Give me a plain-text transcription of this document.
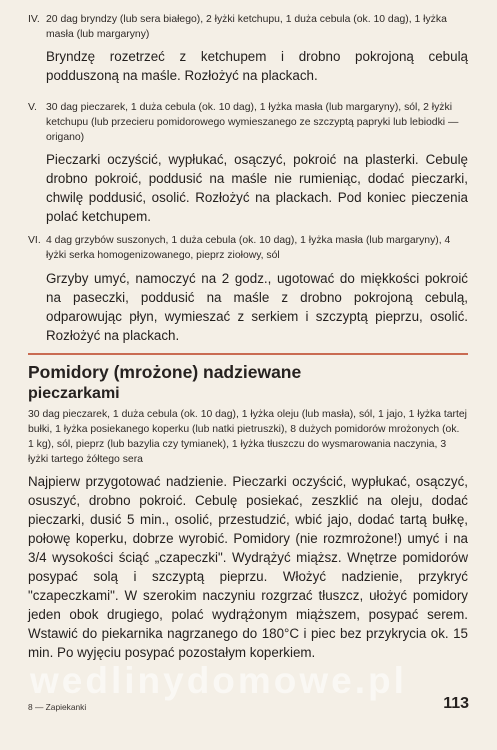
IV. 20 dag bryndzy (lub sera białego), 2 łyżki ketchupu, 1 duża cebula (ok. 10 dag), 1 łyżka masła (lub margaryny)
Bryndzę rozetrzeć z ketchupem i drobno pokrojoną cebulą podduszoną na maśle. Rozłożyć na plackach.
V. 30 dag pieczarek, 1 duża cebula (ok. 10 dag), 1 łyżka masła (lub margaryny), sól, 2 łyżki ketchupu (lub przecieru pomidorowego wymieszanego ze szczyptą papryki lub lebiodki — origano)
Pieczarki oczyścić, wypłukać, osączyć, pokroić na plasterki. Cebulę drobno pokroić, poddusić na maśle nie rumieniąc, dodać pieczarki, chwilę poddusić, osolić. Rozłożyć na plackach. Pod koniec pieczenia polać ketchupem.
VI. 4 dag grzybów suszonych, 1 duża cebula (ok. 10 dag), 1 łyżka masła (lub margaryny), 4 łyżki serka homogenizowanego, pieprz ziołowy, sól
Grzyby umyć, namoczyć na 2 godz., ugotować do miękkości pokroić na paseczki, poddusić na maśle z drobno pokrojoną cebulą, odparowując płyn, wymieszać z serkiem i szczyptą pieprzu, osolić. Rozłożyć na plackach.
Pomidory (mrożone) nadziewane
pieczarkami
30 dag pieczarek, 1 duża cebula (ok. 10 dag), 1 łyżka oleju (lub masła), sól, 1 jajo, 1 łyżka tartej bułki, 1 łyżka posiekanego koperku (lub natki pietruszki), 8 dużych pomidorów mrożonych (ok. 1 kg), sól, pieprz (lub bazylia czy tymianek), 1 łyżka tłuszczu do wysmarowania naczynia, 3 łyżki tartego żółtego sera
Najpierw przygotować nadzienie. Pieczarki oczyścić, wypłukać, osączyć, osuszyć, drobno pokroić. Cebulę posiekać, zeszklić na oleju, dodać pieczarki, dusić 5 min., osolić, przestudzić, wbić jajo, dodać tartą bułkę, połowę koperku, dobrze wyrobić. Pomidory (nie rozmrożone!) umyć i na 3/4 wysokości ściąć „czapeczki". Wydrążyć miąższ. Wnętrze pomidorów posypać solą i szczyptą pieprzu. Włożyć nadzienie, przykryć "czapeczkami". W szerokim naczyniu rozgrzać tłuszcz, ułożyć pomidory jeden obok drugiego, polać wydrążonym miąższem, posypać serem. Wstawić do piekarnika nagrzanego do 180°C i piec bez przykrycia ok. 15 min. Po wyjęciu posypać pozostałym koperkiem.
wedlinydomowe.pl
8 — Zapiekanki	113
